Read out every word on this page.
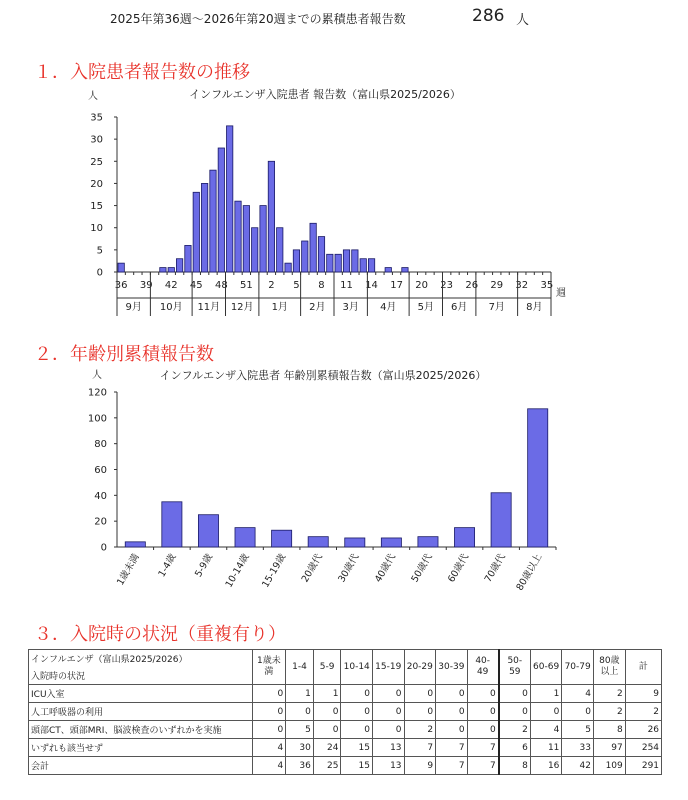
2025年第36週～2026年第20週までの累積患者報告数	286 人
１．入院患者報告数の推移
インフルエンザ入院患者 報告数（富山県2025/2026）
人
0
5
10
15
20
25
30
35
36 39 42 45 48 51 2 5 8 11 14 17 20 23 26 29 32 35
週
9月 10月 11月 12月 1月 2月 3月 4月 5月 6月 7月 8月
２．年齢別累積報告数
インフルエンザ入院患者 年齢別累積報告数（富山県2025/2026）
人
0
20
40
60
80
100
120
1歳未満 1-4歳 5-9歳 10-14歳 15-19歳 20歳代 30歳代 40歳代 50歳代 60歳代 70歳代 80歳以上
３．入院時の状況（重複有り）
インフルエンザ（富山県2025/2026）
入院時の状況	1歳未満	1-4	5-9	10-14	15-19	20-29	30-39	40-49	50-59	60-69	70-79	80歳以上	計
ICU入室	0	1	1	0	0	0	0	0	0	1	4	2	9
人工呼吸器の利用	0	0	0	0	0	0	0	0	0	0	0	2	2
頭部CT、頭部MRI、脳波検査のいずれかを実施	0	5	0	0	0	2	0	0	2	4	5	8	26
いずれも該当せず	4	30	24	15	13	7	7	7	6	11	33	97	254
会計	4	36	25	15	13	9	7	7	8	16	42	109	291
